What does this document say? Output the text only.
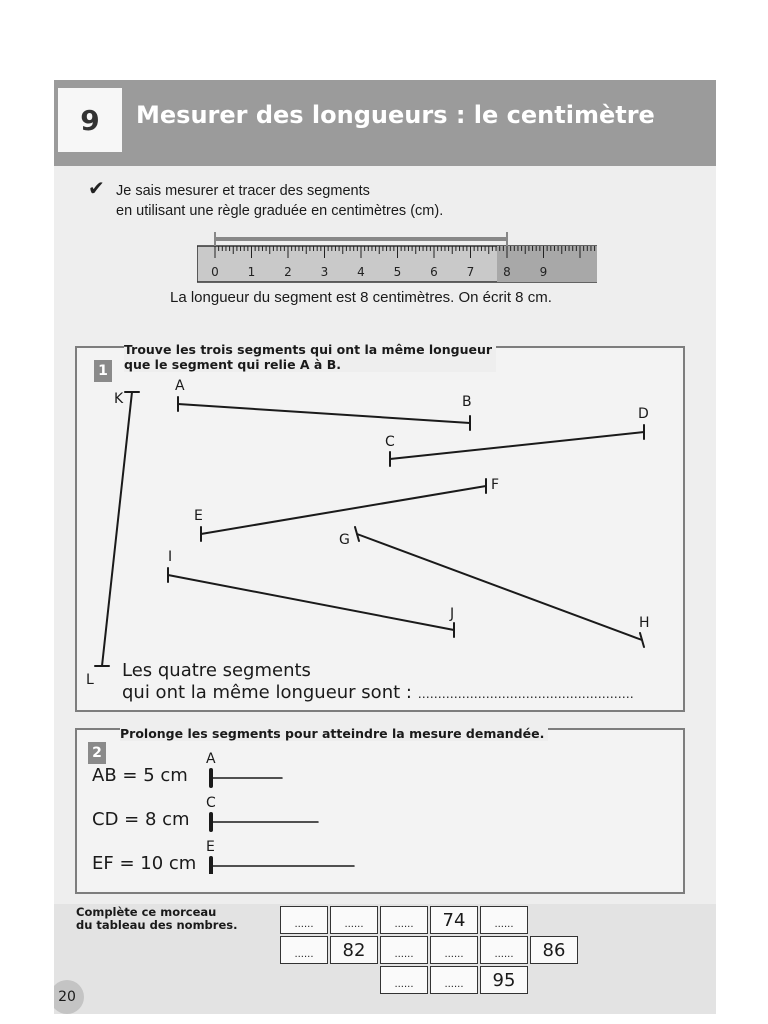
9	Mesurer des longueurs : le centimètre
✔ Je sais mesurer et tracer des segments
en utilisant une règle graduée en centimètres (cm).
0 1 2 3 4 5 6 7 8 9
La longueur du segment est 8 centimètres. On écrit 8 cm.
1
Trouve les trois segments qui ont la même longueur
que le segment qui relie A à B.
A
B
C
D
E
F
G
H
I
J
K
L Les quatre segments
qui ont la même longueur sont : ………………………………………………
2
Prolonge les segments pour atteindre la mesure demandée.
AB = 5 cm
A
CD = 8 cm
C
EF = 10 cm
E
Complète ce morceau
du tableau des nombres.	......	......	......	74	......
......	82	......	......	......	86
......	......	95
20
